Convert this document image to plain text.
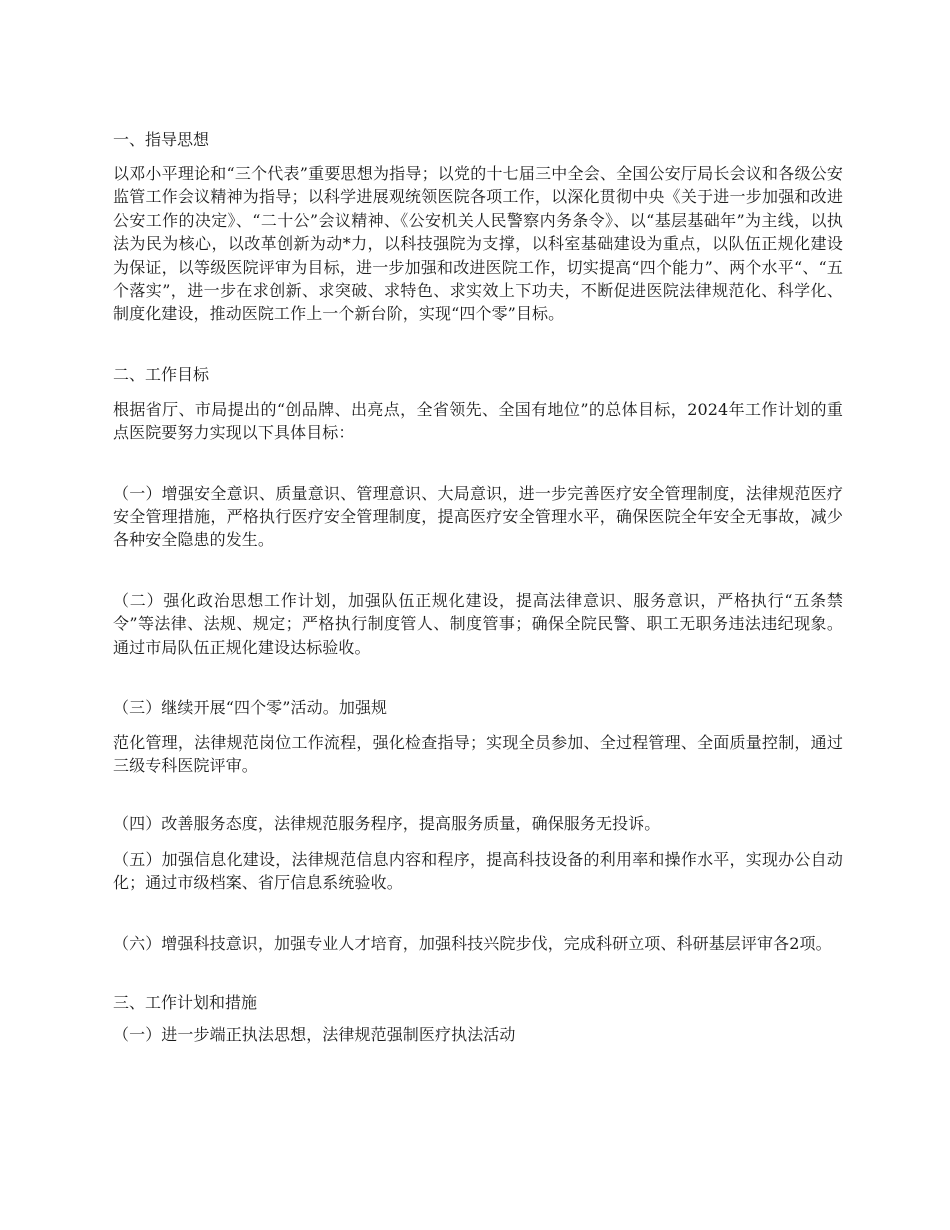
一、指导思想

以邓小平理论和“三个代表”重要思想为指导；以党的十七届三中全会、全国公安厅局长会议和各级公安监管工作会议精神为指导；以科学进展观统领医院各项工作，以深化贯彻中央《关于进一步加强和改进公安工作的决定》、“二十公”会议精神、《公安机关人民警察内务条令》、以“基层基础年”为主线，以执法为民为核心，以改革创新为动*力，以科技强院为支撑，以科室基础建设为重点，以队伍正规化建设为保证，以等级医院评审为目标，进一步加强和改进医院工作，切实提高“四个能力”、两个水平“、“五个落实”，进一步在求创新、求突破、求特色、求实效上下功夫，不断促进医院法律规范化、科学化、制度化建设，推动医院工作上一个新台阶，实现“四个零”目标。

二、工作目标

根据省厅、市局提出的“创品牌、出亮点，全省领先、全国有地位”的总体目标，2024年工作计划的重点医院要努力实现以下具体目标：

（一）增强安全意识、质量意识、管理意识、大局意识，进一步完善医疗安全管理制度，法律规范医疗安全管理措施，严格执行医疗安全管理制度，提高医疗安全管理水平，确保医院全年安全无事故，减少各种安全隐患的发生。

（二）强化政治思想工作计划，加强队伍正规化建设，提高法律意识、服务意识，严格执行“五条禁令”等法律、法规、规定；严格执行制度管人、制度管事；确保全院民警、职工无职务违法违纪现象。通过市局队伍正规化建设达标验收。

（三）继续开展“四个零”活动。加强规

范化管理，法律规范岗位工作流程，强化检查指导；实现全员参加、全过程管理、全面质量控制，通过三级专科医院评审。

（四）改善服务态度，法律规范服务程序，提高服务质量，确保服务无投诉。

（五）加强信息化建设，法律规范信息内容和程序，提高科技设备的利用率和操作水平，实现办公自动化；通过市级档案、省厅信息系统验收。

（六）增强科技意识，加强专业人才培育，加强科技兴院步伐，完成科研立项、科研基层评审各2项。

三、工作计划和措施

（一）进一步端正执法思想，法律规范强制医疗执法活动
